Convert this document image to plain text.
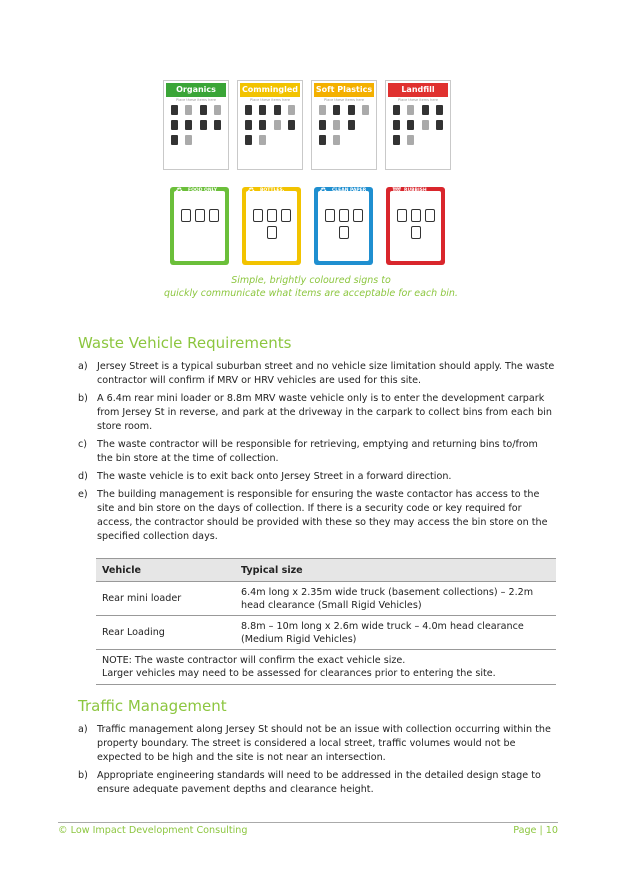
Organics
Place these items here
Commingled
Place these items here
Soft Plastics
Place these items here
Landfill
Place these items here
♻	FOOD ONLY	♻	BOTTLES, CANS & CARTONS
♻	CLEAN PAPER & CARDBOARD
🗑 RUBBISH
Simple, brightly coloured signs to
quickly communicate what items are acceptable for each bin.
Waste Vehicle Requirements
a) Jersey Street is a typical suburban street and no vehicle size limitation should apply. The waste contractor will confirm if MRV or HRV vehicles are used for this site.
b) A 6.4m rear mini loader or 8.8m MRV waste vehicle only is to enter the development carpark from Jersey St in reverse, and park at the driveway in the carpark to collect bins from each bin store room.
c) The waste contractor will be responsible for retrieving, emptying and returning bins to/from the bin store at the time of collection.
d) The waste vehicle is to exit back onto Jersey Street in a forward direction.
e) The building management is responsible for ensuring the waste contactor has access to the site and bin store on the days of collection. If there is a security code or key required for access, the contractor should be provided with these so they may access the bin store on the specified collection days.
Vehicle	Typical size
Rear mini loader	6.4m long x 2.35m wide truck (basement collections) – 2.2m head clearance (Small Rigid Vehicles)
Rear Loading	8.8m – 10m long x 2.6m wide truck – 4.0m head clearance (Medium Rigid Vehicles)

NOTE: The waste contractor will confirm the exact vehicle size.
Larger vehicles may need to be assessed for clearances prior to entering the site.	
Traffic Management
a) Traffic management along Jersey St should not be an issue with collection occurring within the property boundary. The street is considered a local street, traffic volumes would not be expected to be high and the site is not near an intersection.
b) Appropriate engineering standards will need to be addressed in the detailed design stage to ensure adequate pavement depths and clearance height.
© Low Impact Development Consulting	Page | 10
